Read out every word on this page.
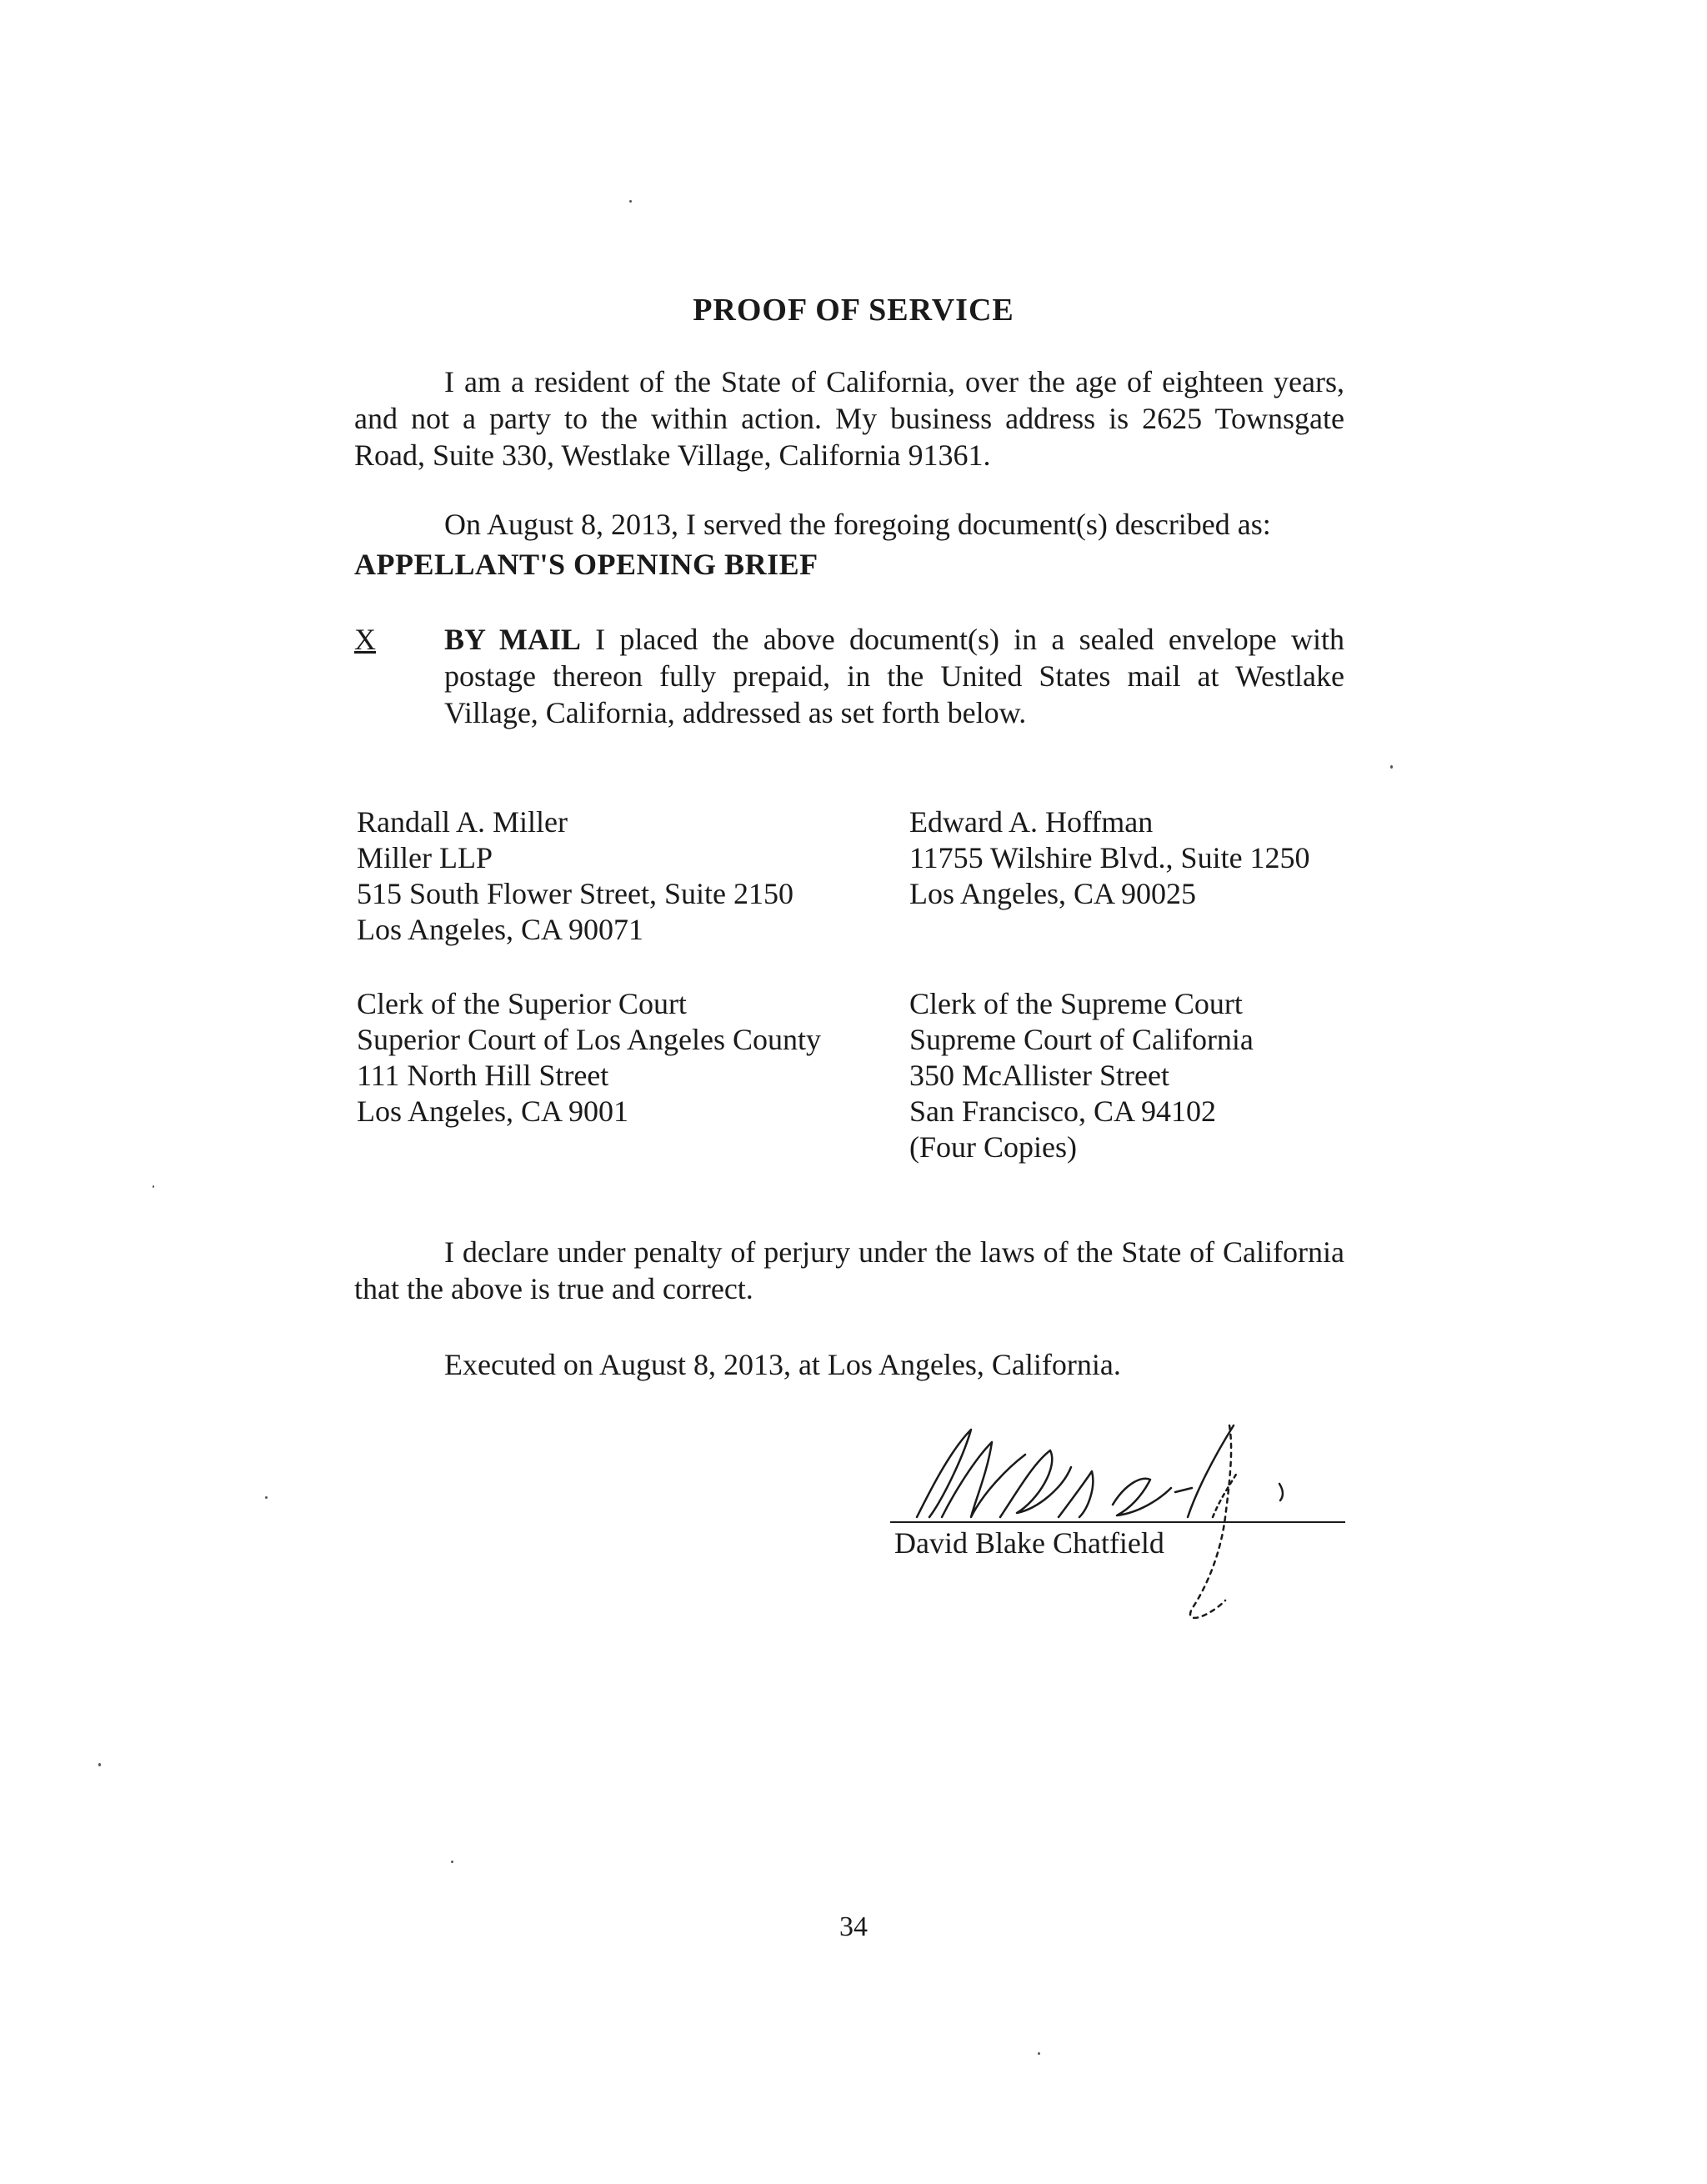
PROOF OF SERVICE
I am a resident of the State of California, over the age of eighteen years, and not a party to the within action. My business address is 2625 Townsgate Road, Suite 330, Westlake Village, California 91361.
On August 8, 2013, I served the foregoing document(s) described as:
APPELLANT'S OPENING BRIEF
X	BY MAIL I placed the above document(s) in a sealed envelope with postage thereon fully prepaid, in the United States mail at Westlake Village, California, addressed as set forth below.
Randall A. Miller
Miller LLP
515 South Flower Street, Suite 2150
Los Angeles, CA 90071
Edward A. Hoffman
11755 Wilshire Blvd., Suite 1250
Los Angeles, CA 90025
Clerk of the Superior Court
Superior Court of Los Angeles County
111 North Hill Street
Los Angeles, CA 9001
Clerk of the Supreme Court
Supreme Court of California
350 McAllister Street
San Francisco, CA 94102
(Four Copies)
I declare under penalty of perjury under the laws of the State of California that the above is true and correct.
Executed on August 8, 2013, at Los Angeles, California.
David Blake Chatfield
34
